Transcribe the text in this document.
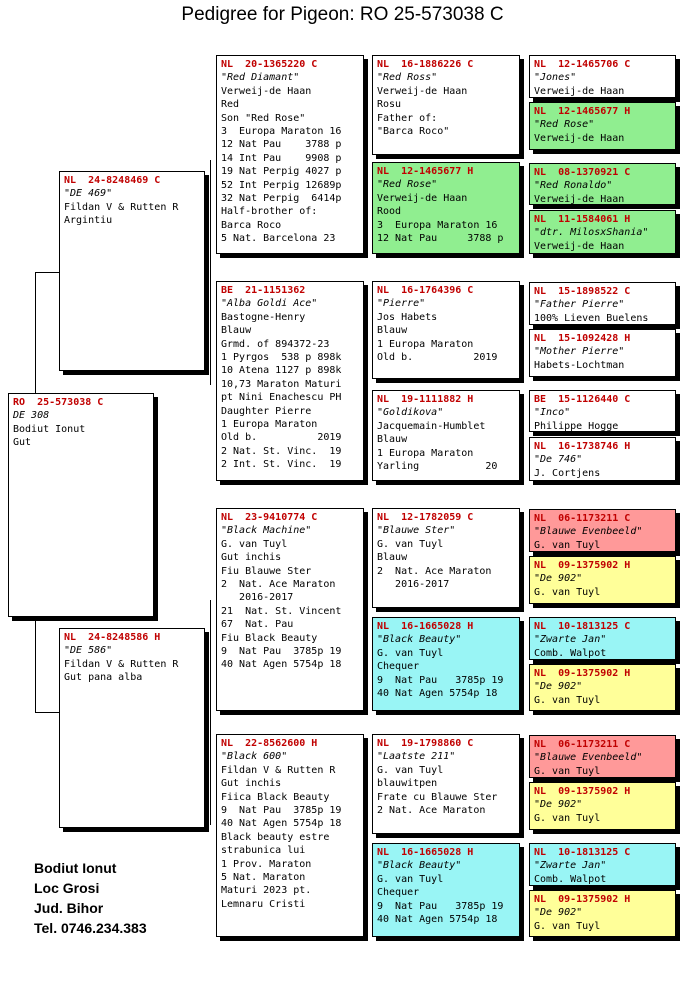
Pedigree for Pigeon: RO 25-573038 C
RO  25-573038 C
DE 308
Bodiut Ionut
Gut
NL  24-8248469 C
"DE 469"
Fildan V & Rutten R
Argintiu
NL  24-8248586 H
"DE 586"
Fildan V & Rutten R
Gut pana alba
NL  20-1365220 C
"Red Diamant"
Verweij-de Haan
Red
Son "Red Rose"
3  Europa Maraton 16
12 Nat Pau    3788 p
14 Int Pau    9908 p
19 Nat Perpig 4027 p
52 Int Perpig 12689p
32 Nat Perpig  6414p
Half-brother of:
Barca Roco
5 Nat. Barcelona 23
BE  21-1151362
"Alba Goldi Ace"
Bastogne-Henry
Blauw
Grmd. of 894372-23
1 Pyrgos  538 p 898k
10 Atena 1127 p 898k
10,73 Maraton Maturi
pt Nini Enachescu PH
Daughter Pierre
1 Europa Maraton
Old b.          2019
2 Nat. St. Vinc.  19
2 Int. St. Vinc.  19
NL  23-9410774 C
"Black Machine"
G. van Tuyl
Gut inchis
Fiu Blauwe Ster
2  Nat. Ace Maraton
2016-2017
21  Nat. St. Vincent
67  Nat. Pau
Fiu Black Beauty
9  Nat Pau  3785p 19
40 Nat Agen 5754p 18
NL  22-8562600 H
"Black 600"
Fildan V & Rutten R
Gut inchis
Fiica Black Beauty
9  Nat Pau  3785p 19
40 Nat Agen 5754p 18
Black beauty estre
strabunica lui
1 Prov. Maraton
5 Nat. Maraton
Maturi 2023 pt.
Lemnaru Cristi
NL  16-1886226 C
"Red Ross"
Verweij-de Haan
Rosu
Father of:
"Barca Roco"
NL  12-1465677 H
"Red Rose"
Verweij-de Haan
Rood
3  Europa Maraton 16
12 Nat Pau     3788 p
NL  16-1764396 C
"Pierre"
Jos Habets
Blauw
1 Europa Maraton
Old b.          2019
NL  19-1111882 H
"Goldikova"
Jacquemain-Humblet
Blauw
1 Europa Maraton
Yarling           20
NL  12-1782059 C
"Blauwe Ster"
G. van Tuyl
Blauw
2  Nat. Ace Maraton
2016-2017
NL  16-1665028 H
"Black Beauty"
G. van Tuyl
Chequer
9  Nat Pau   3785p 19
40 Nat Agen 5754p 18
NL  19-1798860 C
"Laatste 211"
G. van Tuyl
blauwitpen
Frate cu Blauwe Ster
2 Nat. Ace Maraton
NL  16-1665028 H
"Black Beauty"
G. van Tuyl
Chequer
9  Nat Pau   3785p 19
40 Nat Agen 5754p 18
NL  12-1465706 C
"Jones"
Verweij-de Haan
NL  12-1465677 H
"Red Rose"
Verweij-de Haan
NL  08-1370921 C
"Red Ronaldo"
Verweij-de Haan
NL  11-1584061 H
"dtr. MilosxShania"
Verweij-de Haan
NL  15-1898522 C
"Father Pierre"
100% Lieven Buelens
NL  15-1092428 H
"Mother Pierre"
Habets-Lochtman
BE  15-1126440 C
"Inco"
Philippe Hogge
NL  16-1738746 H
"De 746"
J. Cortjens
NL  06-1173211 C
"Blauwe Evenbeeld"
G. van Tuyl
NL  09-1375902 H
"De 902"
G. van Tuyl
NL  10-1813125 C
"Zwarte Jan"
Comb. Walpot
NL  09-1375902 H
"De 902"
G. van Tuyl
NL  06-1173211 C
"Blauwe Evenbeeld"
G. van Tuyl
NL  09-1375902 H
"De 902"
G. van Tuyl
NL  10-1813125 C
"Zwarte Jan"
Comb. Walpot
NL  09-1375902 H
"De 902"
G. van Tuyl
Bodiut Ionut
Loc Grosi
Jud. Bihor
Tel. 0746.234.383
